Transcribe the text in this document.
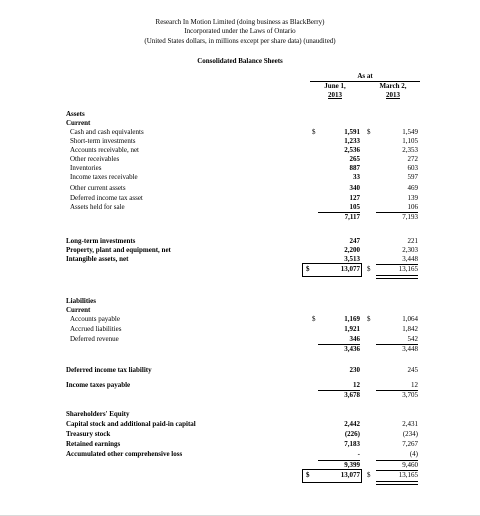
Research In Motion Limited (doing business as BlackBerry)
Incorporated under the Laws of Ontario
(United States dollars, in millions except per share data) (unaudited)
Consolidated Balance Sheets
As at
June 1,
2013
March 2,
2013
Assets
Current
Cash and cash equivalents	$	1,591 $	1,549
Short-term investments	1,233	1,105
Accounts receivable, net	2,536	2,353
Other receivables	265	272
Inventories	887	603
Income taxes receivable	33	597
Other current assets	340	469
Deferred income tax asset	127	139
Assets held for sale	105	106
7,117	7,193
Long-term investments	247	221
Property, plant and equipment, net	2,200	2,303
Intangible assets, net	3,513	3,448
$	13,077 $	13,165
Liabilities
Current
Accounts payable	$	1,169 $	1,064
Accrued liabilities	1,921	1,842
Deferred revenue	346	542
3,436	3,448
Deferred income tax liability	230	245
Income taxes payable	12	12
3,678	3,705
Shareholders' Equity
Capital stock and additional paid-in capital	2,442	2,431
Treasury stock	(226)	(234)
Retained earnings	7,183	7,267
Accumulated other comprehensive loss	-	(4)
9,399	9,460
$	13,077 $	13,165
